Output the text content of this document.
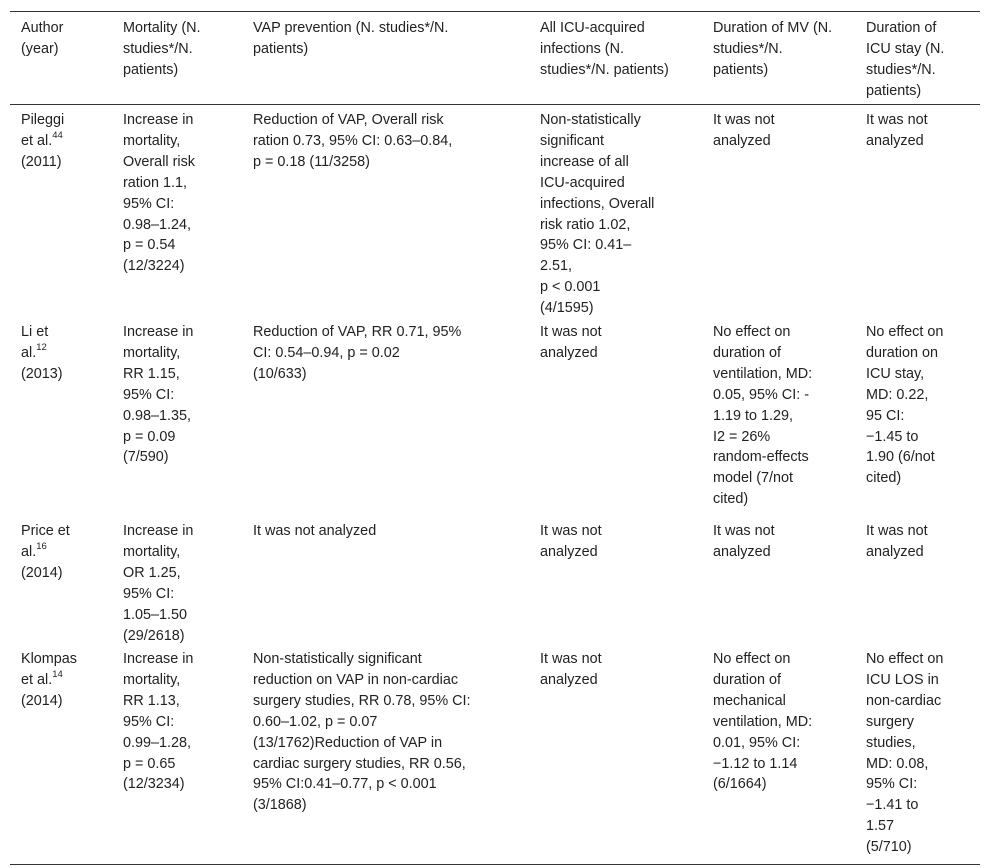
Author
(year)
Mortality (N.
studies*/N.
patients)
VAP prevention (N. studies*/N.
patients)
All ICU-acquired
infections (N.
studies*/N. patients)
Duration of MV (N.
studies*/N.
patients)
Duration of
ICU stay (N.
studies*/N.
patients)
Pileggi
et al.$^{44}$
(2011)
Increase in
mortality,
Overall risk
ration 1.1,
95% CI:
0.98–1.24,
p = 0.54
(12/3224)
Reduction of VAP, Overall risk
ration 0.73, 95% CI: 0.63–0.84,
p = 0.18 (11/3258)
Non-statistically
significant
increase of all
ICU-acquired
infections, Overall
risk ratio 1.02,
95% CI: 0.41–
2.51,
p < 0.001
(4/1595)
It was not
analyzed
It was not
analyzed
Li et
al.$^{12}$
(2013)
Increase in
mortality,
RR 1.15,
95% CI:
0.98–1.35,
p = 0.09
(7/590)
Reduction of VAP, RR 0.71, 95%
CI: 0.54–0.94, p = 0.02
(10/633)
It was not
analyzed
No effect on
duration of
ventilation, MD:
0.05, 95% CI: -
1.19 to 1.29,
I2 = 26%
random-effects
model (7/not
cited)
No effect on
duration on
ICU stay,
MD: 0.22,
95 CI:
−1.45 to
1.90 (6/not
cited)
Price et
al.$^{16}$
(2014)
Increase in
mortality,
OR 1.25,
95% CI:
1.05–1.50
(29/2618)
It was not analyzed	It was not
analyzed
It was not
analyzed
It was not
analyzed
Klompas
et al.$^{14}$
(2014)
Increase in
mortality,
RR 1.13,
95% CI:
0.99–1.28,
p = 0.65
(12/3234)
Non-statistically significant
reduction on VAP in non-cardiac
surgery studies, RR 0.78, 95% CI:
0.60–1.02, p = 0.07
(13/1762)Reduction of VAP in
cardiac surgery studies, RR 0.56,
95% CI:0.41–0.77, p < 0.001
(3/1868)
It was not
analyzed
No effect on
duration of
mechanical
ventilation, MD:
0.01, 95% CI:
−1.12 to 1.14
(6/1664)
No effect on
ICU LOS in
non-cardiac
surgery
studies,
MD: 0.08,
95% CI:
−1.41 to
1.57
(5/710)
